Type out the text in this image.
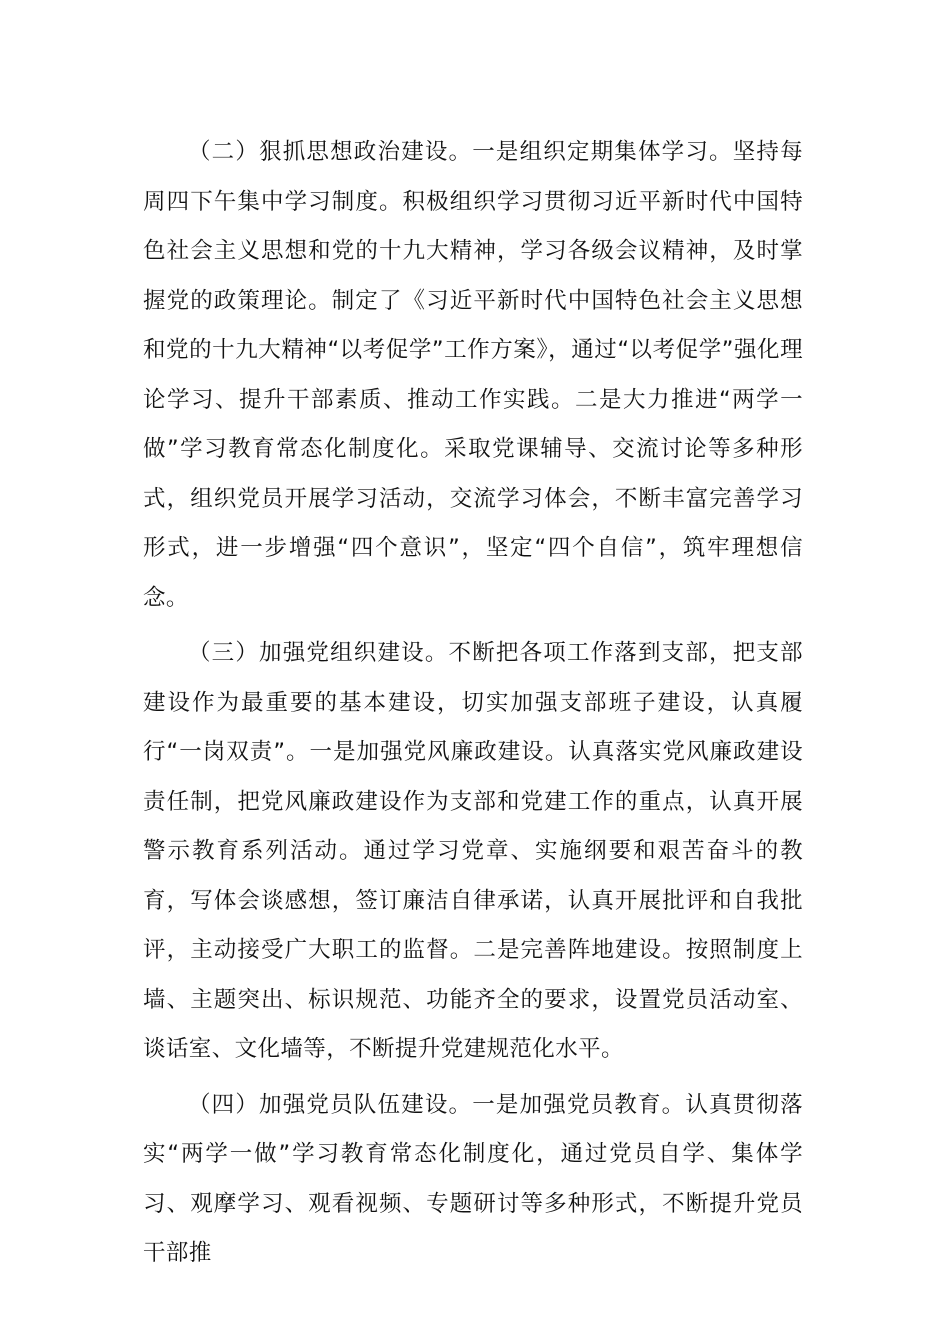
（二）狠抓思想政治建设。一是组织定期集体学习。坚持每周四下午集中学习制度。积极组织学习贯彻习近平新时代中国特色社会主义思想和党的十九大精神，学习各级会议精神，及时掌握党的政策理论。制定了《习近平新时代中国特色社会主义思想和党的十九大精神“以考促学”工作方案》，通过“以考促学”强化理论学习、提升干部素质、推动工作实践。二是大力推进“两学一做”学习教育常态化制度化。采取党课辅导、交流讨论等多种形式，组织党员开展学习活动，交流学习体会，不断丰富完善学习形式，进一步增强“四个意识”，坚定“四个自信”，筑牢理想信念。

（三）加强党组织建设。不断把各项工作落到支部，把支部建设作为最重要的基本建设，切实加强支部班子建设，认真履行“一岗双责”。一是加强党风廉政建设。认真落实党风廉政建设责任制，把党风廉政建设作为支部和党建工作的重点，认真开展警示教育系列活动。通过学习党章、实施纲要和艰苦奋斗的教育，写体会谈感想，签订廉洁自律承诺，认真开展批评和自我批评，主动接受广大职工的监督。二是完善阵地建设。按照制度上墙、主题突出、标识规范、功能齐全的要求，设置党员活动室、谈话室、文化墙等，不断提升党建规范化水平。

（四）加强党员队伍建设。一是加强党员教育。认真贯彻落实“两学一做”学习教育常态化制度化，通过党员自学、集体学习、观摩学习、观看视频、专题研讨等多种形式，不断提升党员干部推
